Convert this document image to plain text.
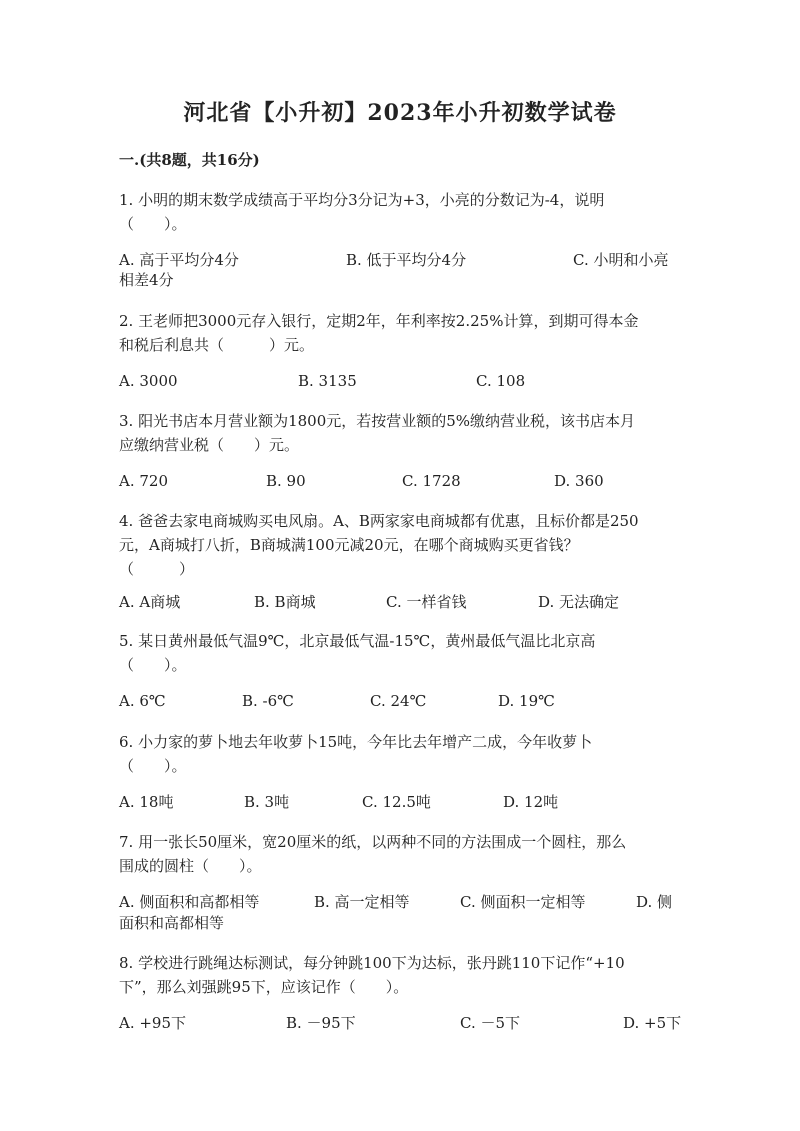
河北省【小升初】2023年小升初数学试卷
一.(共8题，共16分)
1. 小明的期末数学成绩高于平均分3分记为+3，小亮的分数记为-4，说明
（　　）。
A. 高于平均分4分	B. 低于平均分4分	C. 小明和小亮
相差4分
2. 王老师把3000元存入银行，定期2年，年利率按2.25%计算，到期可得本金
和税后利息共（　　　）元。
A. 3000	B. 3135	C. 108
3. 阳光书店本月营业额为1800元，若按营业额的5%缴纳营业税，该书店本月
应缴纳营业税（　　）元。
A. 720	B. 90	C. 1728	D. 360
4. 爸爸去家电商城购买电风扇。A、B两家家电商城都有优惠，且标价都是250
元，A商城打八折，B商城满100元减20元，在哪个商城购买更省钱？
（　　　）
A. A商城	B. B商城	C. 一样省钱	D. 无法确定
5. 某日黄州最低气温9℃，北京最低气温-15℃，黄州最低气温比北京高
（　　）。
A. 6℃	B. -6℃	C. 24℃	D. 19℃
6. 小力家的萝卜地去年收萝卜15吨，今年比去年增产二成，今年收萝卜
（　　）。
A. 18吨	B. 3吨	C. 12.5吨	D. 12吨
7. 用一张长50厘米，宽20厘米的纸，以两种不同的方法围成一个圆柱，那么
围成的圆柱（　　）。
A. 侧面积和高都相等	B. 高一定相等	C. 侧面积一定相等	D. 侧
面积和高都相等
8. 学校进行跳绳达标测试，每分钟跳100下为达标，张丹跳110下记作“+10
下”，那么刘强跳95下，应该记作（　　）。
A. +95下	B. －95下	C. －5下	D. +5下
